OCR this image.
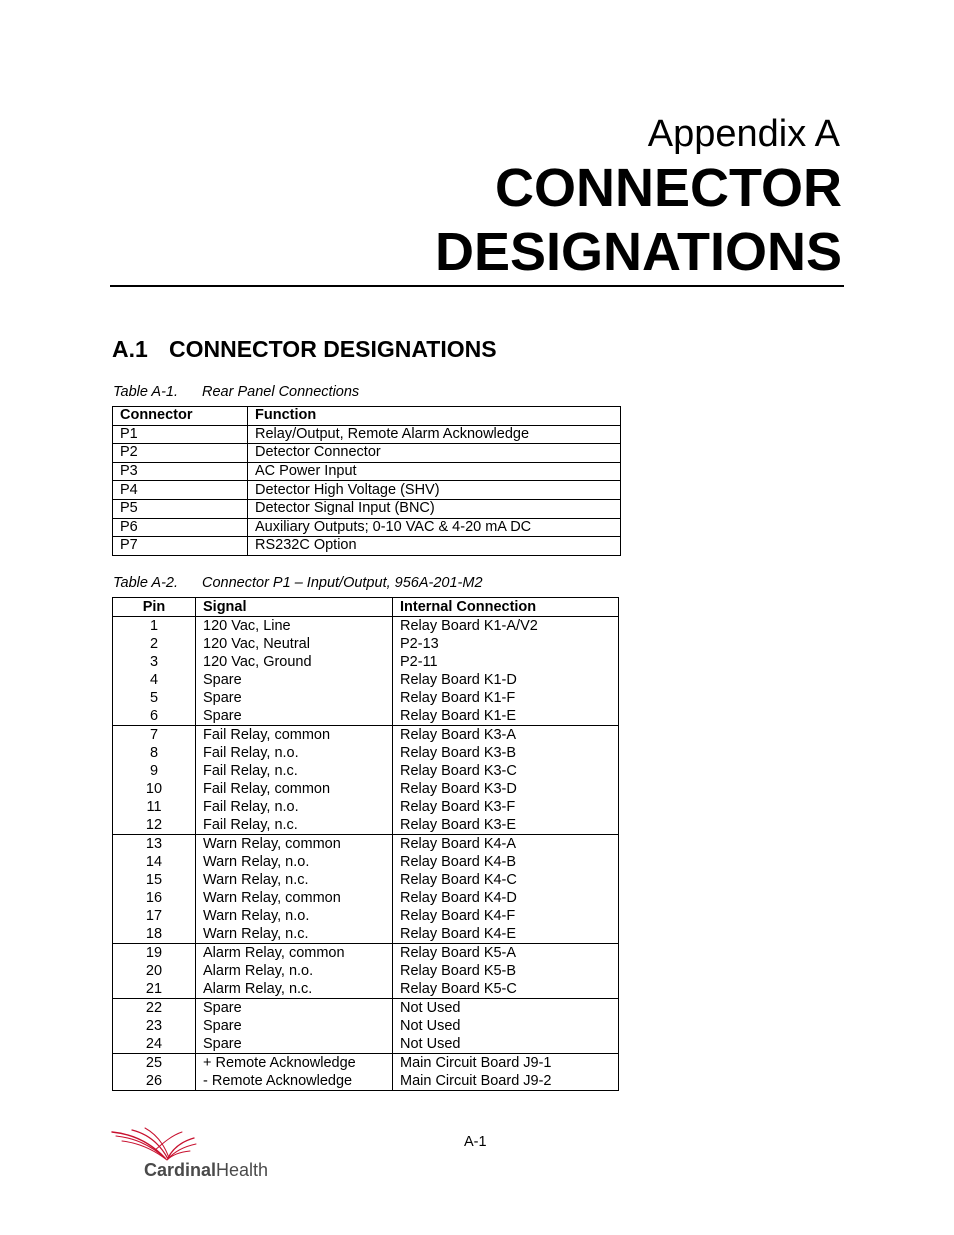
Appendix A
CONNECTOR
DESIGNATIONS
A.1 CONNECTOR DESIGNATIONS
Table A-1. Rear Panel Connections
Connector	Function
P1	Relay/Output, Remote Alarm Acknowledge
P2	Detector Connector
P3	AC Power Input
P4	Detector High Voltage (SHV)
P5	Detector Signal Input (BNC)
P6	Auxiliary Outputs; 0-10 VAC & 4-20 mA DC
P7	RS232C Option
Table A-2. Connector P1 – Input/Output, 956A-201-M2
Pin	Signal	Internal Connection
1	120 Vac, Line	Relay Board K1-A/V2
2	120 Vac, Neutral	P2-13
3	120 Vac, Ground	P2-11
4	Spare	Relay Board K1-D
5	Spare	Relay Board K1-F
6	Spare	Relay Board K1-E
7	Fail Relay, common	Relay Board K3-A
8	Fail Relay, n.o.	Relay Board K3-B
9	Fail Relay, n.c.	Relay Board K3-C
10	Fail Relay, common	Relay Board K3-D
11	Fail Relay, n.o.	Relay Board K3-F
12	Fail Relay, n.c.	Relay Board K3-E
13	Warn Relay, common	Relay Board K4-A
14	Warn Relay, n.o.	Relay Board K4-B
15	Warn Relay, n.c.	Relay Board K4-C
16	Warn Relay, common	Relay Board K4-D
17	Warn Relay, n.o.	Relay Board K4-F
18	Warn Relay, n.c.	Relay Board K4-E
19	Alarm Relay, common	Relay Board K5-A
20	Alarm Relay, n.o.	Relay Board K5-B
21	Alarm Relay, n.c.	Relay Board K5-C
22	Spare	Not Used
23	Spare	Not Used
24	Spare	Not Used
25	+ Remote Acknowledge	Main Circuit Board J9-1
26	- Remote Acknowledge	Main Circuit Board J9-2
CardinalHealth
A-1
